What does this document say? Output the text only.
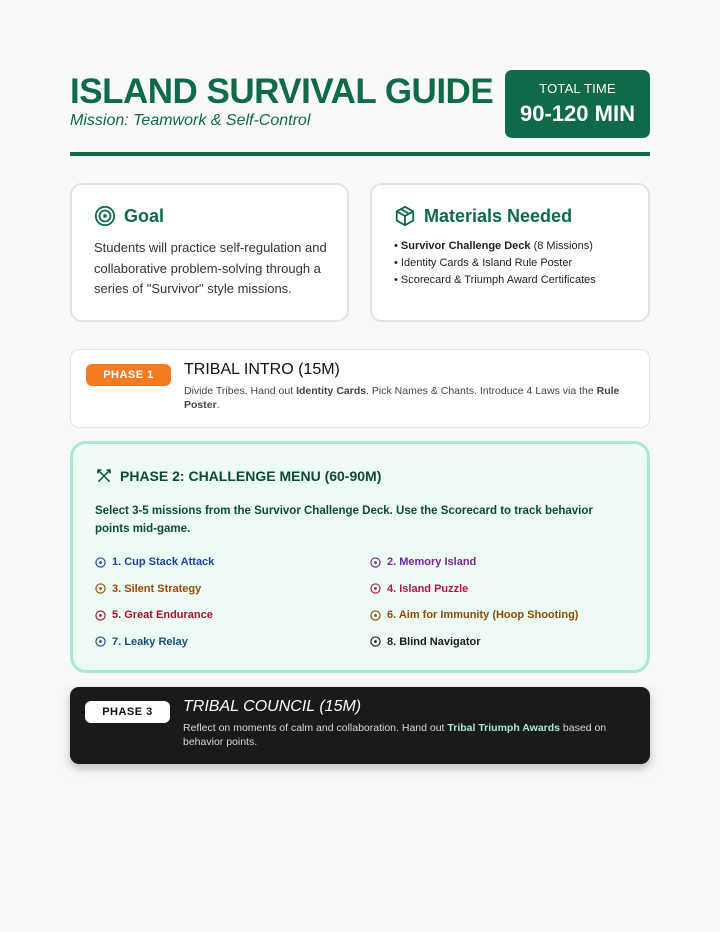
ISLAND SURVIVAL GUIDE
Mission: Teamwork & Self-Control
TOTAL TIME
90-120 MIN
Goal
Students will practice self-regulation and collaborative problem-solving through a series of "Survivor" style missions.
Materials Needed
• Survivor Challenge Deck (8 Missions)
• Identity Cards & Island Rule Poster
• Scorecard & Triumph Award Certificates
PHASE 1	TRIBAL INTRO (15M)
Divide Tribes. Hand out Identity Cards. Pick Names & Chants. Introduce 4 Laws via the Rule Poster.
PHASE 2: CHALLENGE MENU (60-90M)
Select 3-5 missions from the Survivor Challenge Deck. Use the Scorecard to track behavior points mid-game.
1. Cup Stack Attack	2. Memory Island
3. Silent Strategy	4. Island Puzzle
5. Great Endurance	6. Aim for Immunity (Hoop Shooting)
7. Leaky Relay	8. Blind Navigator
PHASE 3	TRIBAL COUNCIL (15M)
Reflect on moments of calm and collaboration. Hand out Tribal Triumph Awards based on behavior points.
